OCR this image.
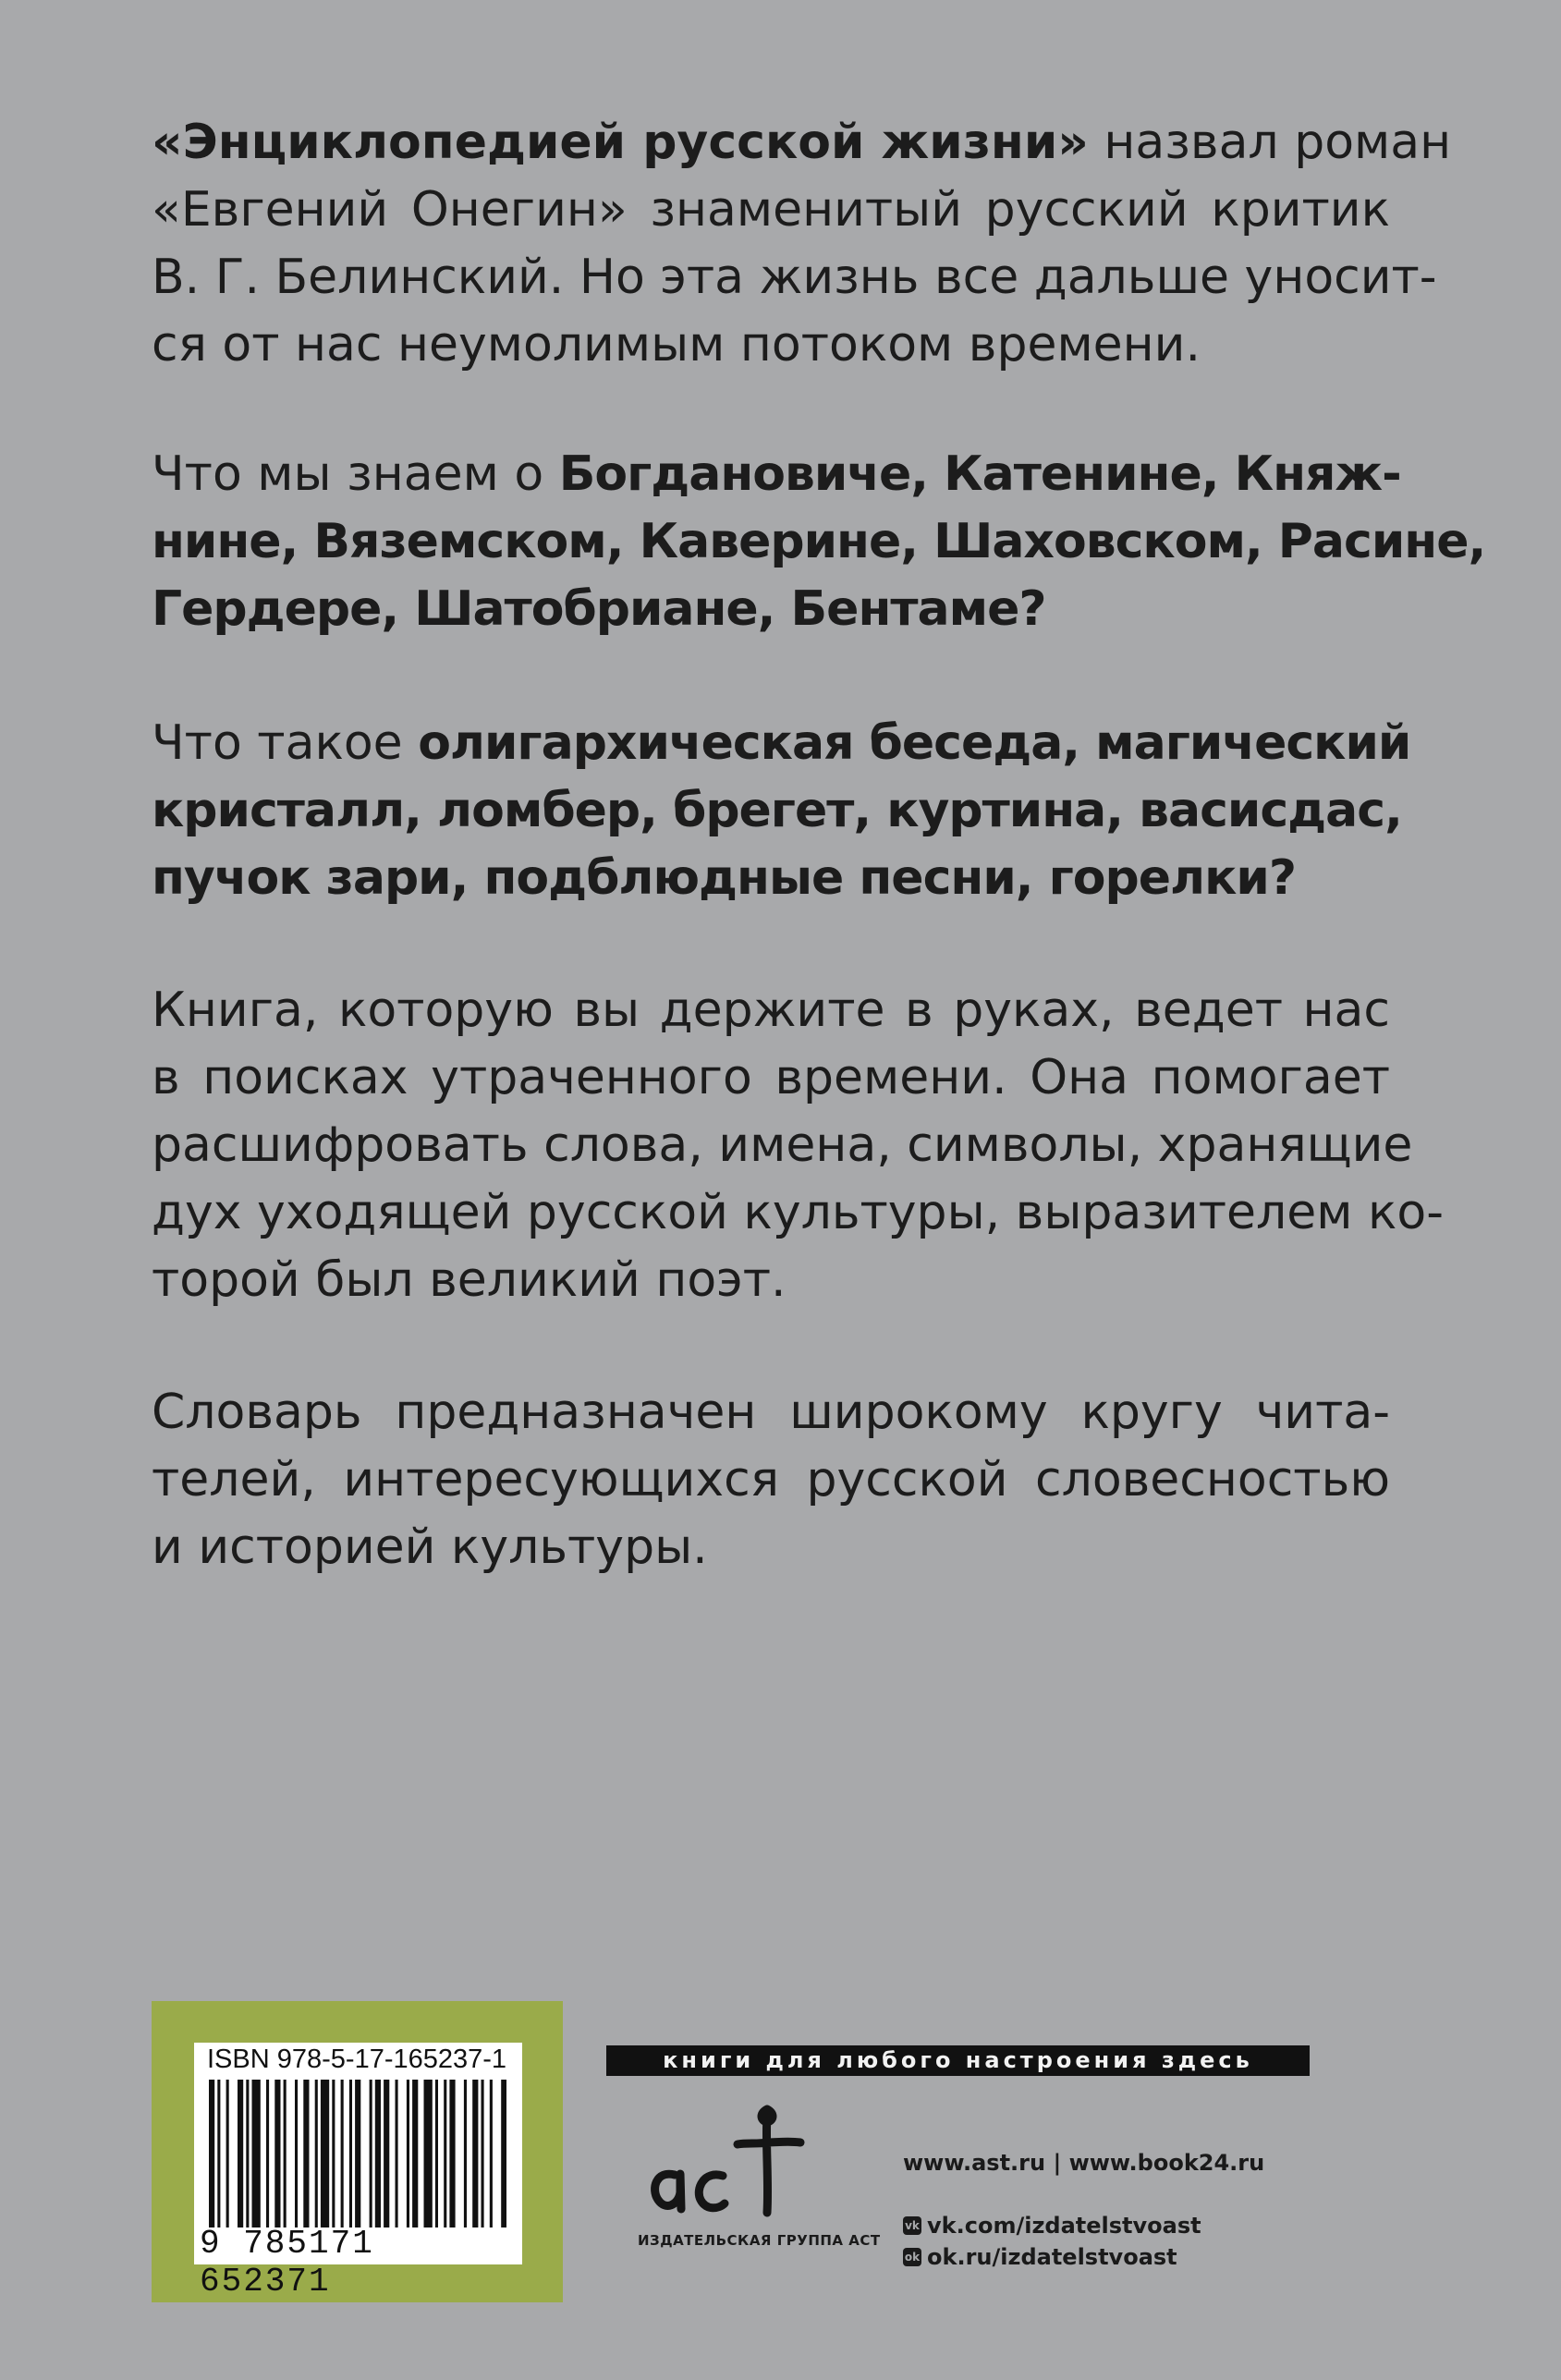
«Энциклопедией русской жизни» назвал роман
«Евгений Онегин» знаменитый русский критик
В. Г. Белинский. Но эта жизнь все дальше уносит-
ся от нас неумолимым потоком времени.
Что мы знаем о Богдановиче, Катенине, Княж-
нине, Вяземском, Каверине, Шаховском, Расине,
Гердере, Шатобриане, Бентаме?
Что такое олигархическая беседа, магический
кристалл, ломбер, брегет, куртина, васисдас,
пучок зари, подблюдные песни, горелки?
Книга, которую вы держите в руках, ведет нас
в поисках утраченного времени. Она помогает
расшифровать слова, имена, символы, хранящие
дух уходящей русской культуры, выразителем ко-
торой был великий поэт.
Словарь предназначен широкому кругу чита-
телей, интересующихся русской словесностью
и историей культуры.
ISBN 978-5-17-165237-1
9 785171 652371
книги для любого настроения здесь
ИЗДАТЕЛЬСКАЯ ГРУППА АСТ
www.ast.ru | www.book24.ru
vk vk.com/izdatelstvoast
ok ok.ru/izdatelstvoast
